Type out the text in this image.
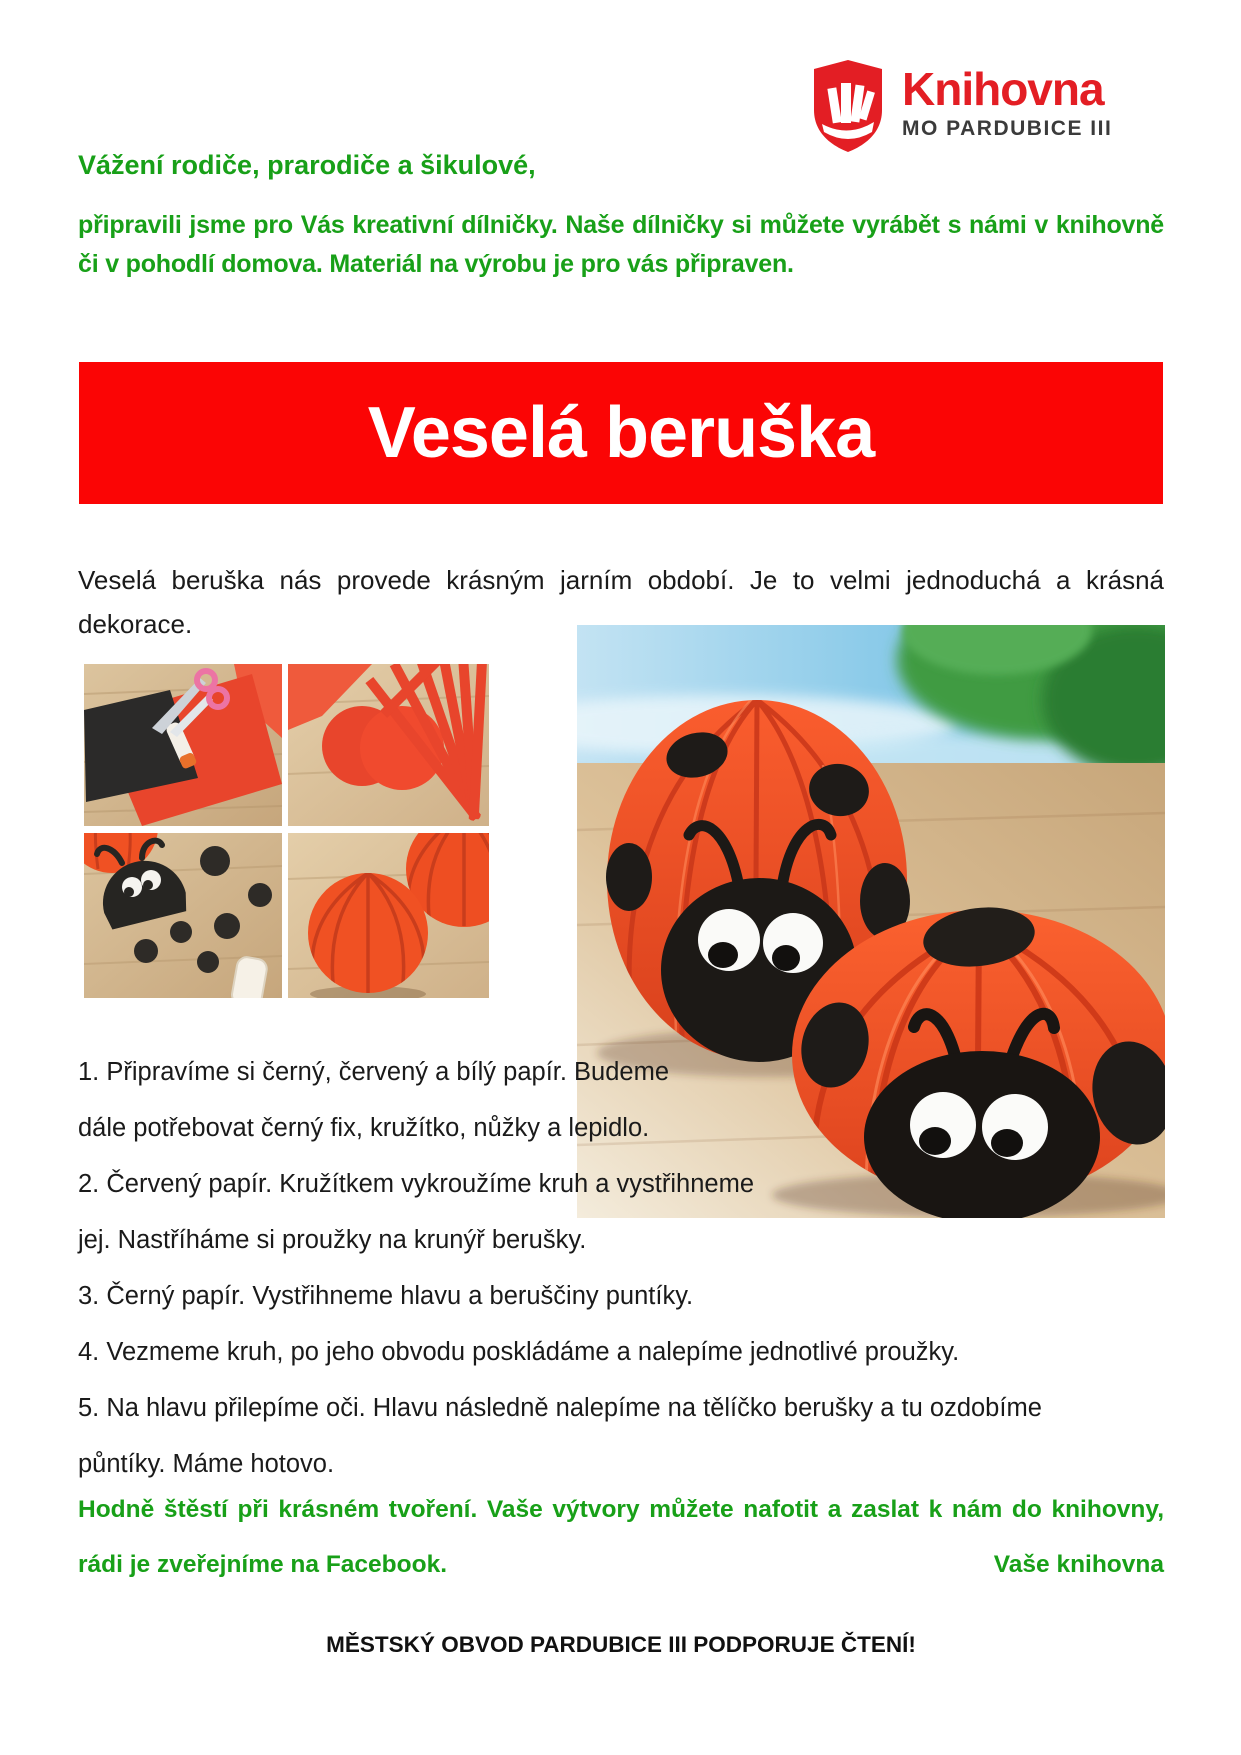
Knihovna
MO PARDUBICE III
Vážení rodiče, prarodiče a šikulové,
připravili jsme pro Vás kreativní dílničky. Naše dílničky si můžete vyrábět s námi v knihovně či v pohodlí domova. Materiál na výrobu je pro vás připraven.
Veselá beruška
Veselá beruška nás provede krásným jarním období. Je to velmi jednoduchá a krásná dekorace.
1. Připravíme si černý, červený a bílý papír. Budeme
dále potřebovat černý fix, kružítko, nůžky a lepidlo.
2. Červený papír. Kružítkem vykroužíme kruh a vystřihneme
jej. Nastříháme si proužky na krunýř berušky.
3. Černý papír. Vystřihneme hlavu a beruščiny puntíky.
4. Vezmeme kruh, po jeho obvodu poskládáme a nalepíme jednotlivé proužky.
5. Na hlavu přilepíme oči. Hlavu následně nalepíme na tělíčko berušky a tu ozdobíme
půntíky. Máme hotovo.
Hodně štěstí při krásném tvoření. Vaše výtvory můžete nafotit a zaslat k nám do knihovny, rádi je zveřejníme na Facebook.	Vaše knihovna
MĚSTSKÝ OBVOD PARDUBICE III PODPORUJE ČTENÍ!
